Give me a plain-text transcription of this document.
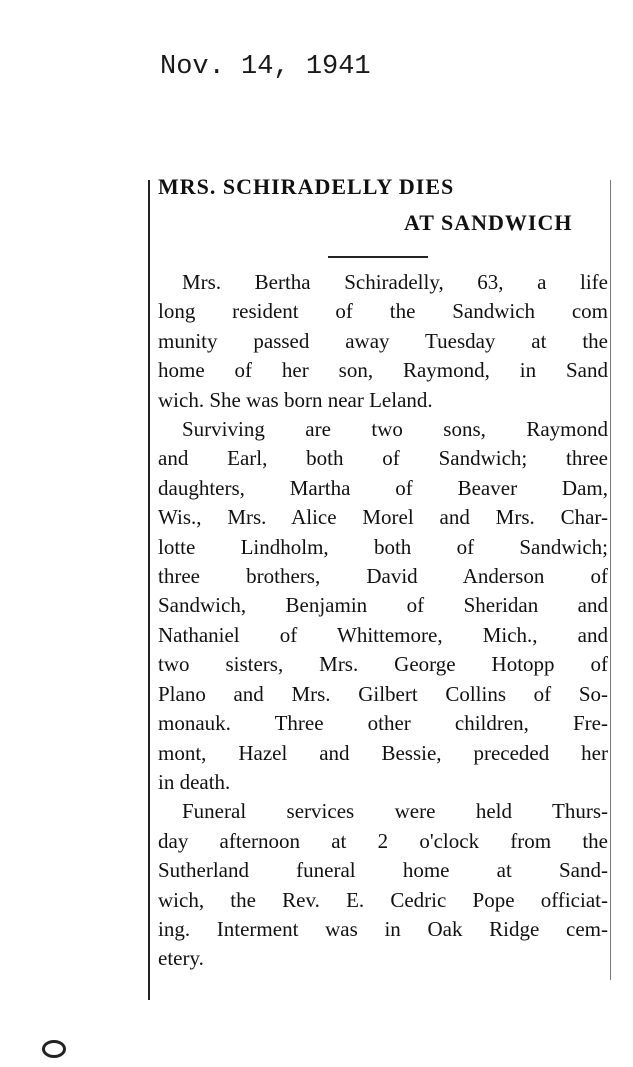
Nov. 14, 1941
MRS. SCHIRADELLY DIES
AT SANDWICH
Mrs. Bertha Schiradelly, 63, a life
long resident of the Sandwich com
munity passed away Tuesday at the
home of her son, Raymond, in Sand
wich. She was born near Leland.
Surviving are two sons, Raymond
and Earl, both of Sandwich; three
daughters, Martha of Beaver Dam,
Wis., Mrs. Alice Morel and Mrs. Char-
lotte Lindholm, both of Sandwich;
three brothers, David Anderson of
Sandwich, Benjamin of Sheridan and
Nathaniel of Whittemore, Mich., and
two sisters, Mrs. George Hotopp of
Plano and Mrs. Gilbert Collins of So-
monauk. Three other children, Fre-
mont, Hazel and Bessie, preceded her
in death.
Funeral services were held Thurs-
day afternoon at 2 o'clock from the
Sutherland funeral home at Sand-
wich, the Rev. E. Cedric Pope officiat-
ing. Interment was in Oak Ridge cem-
etery.
